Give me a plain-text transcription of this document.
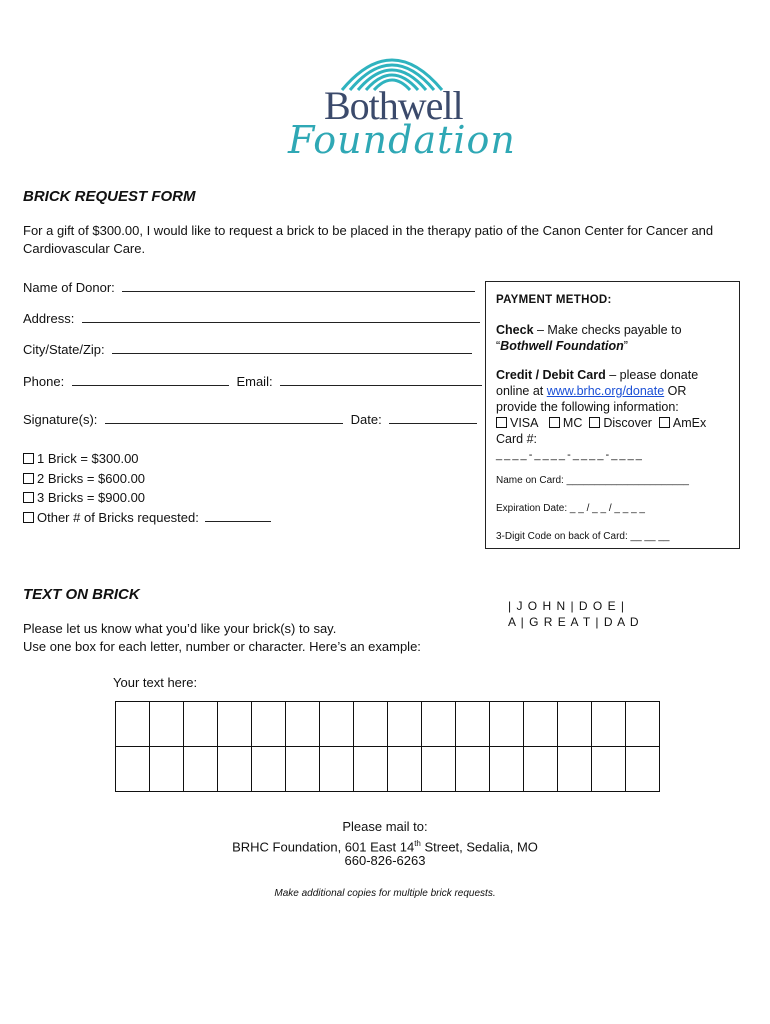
Bothwell
Foundation
BRICK REQUEST FORM
For a gift of $300.00, I would like to request a brick to be placed in the therapy patio of the Canon Center for Cancer and Cardiovascular Care.
Name of Donor:
Address:
City/State/Zip:
Phone:	Email:
Signature(s):	Date:
1 Brick = $300.00
2 Bricks = $600.00
3 Bricks = $900.00
Other # of Bricks requested:
PAYMENT METHOD:
Check – Make checks payable to “Bothwell Foundation”
Credit / Debit Card – please donate online at www.brhc.org/donate OR provide the following information:
VISA MC Discover AmEx
Card #:
_ _ _ _ - _ _ _ _ - _ _ _ _ - _ _ _ _
Name on Card: ______________________
Expiration Date: _ _ / _ _ / _ _ _ _
3-Digit Code on back of Card: __ __ __
TEXT ON BRICK
Please let us know what you’d like your brick(s) to say.
Use one box for each letter, number or character. Here’s an example:
| J O H N | D O E |
A | G R E A T | D A D
Your text here:

Please mail to:
BRHC Foundation, 601 East 14th Street, Sedalia, MO
660-826-6263
Make additional copies for multiple brick requests.
